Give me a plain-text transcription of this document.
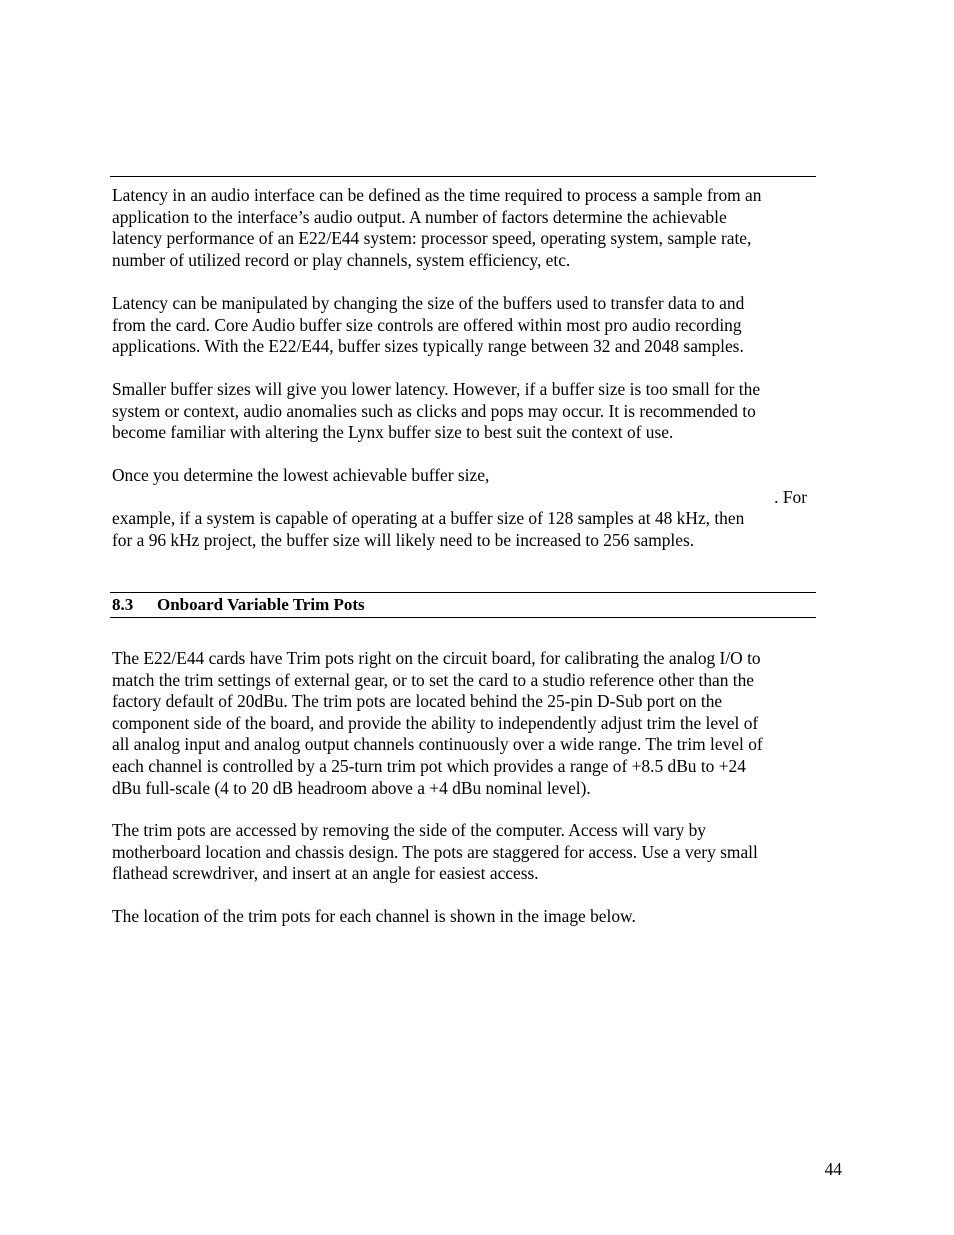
Latency in an audio interface can be defined as the time required to process a sample from an
application to the interface’s audio output. A number of factors determine the achievable
latency performance of an E22/E44 system: processor speed, operating system, sample rate,
number of utilized record or play channels, system efficiency, etc.
Latency can be manipulated by changing the size of the buffers used to transfer data to and
from the card. Core Audio buffer size controls are offered within most pro audio recording
applications. With the E22/E44, buffer sizes typically range between 32 and 2048 samples.
Smaller buffer sizes will give you lower latency. However, if a buffer size is too small for the
system or context, audio anomalies such as clicks and pops may occur. It is recommended to
become familiar with altering the Lynx buffer size to best suit the context of use.
Once you determine the lowest achievable buffer size,
. For
example, if a system is capable of operating at a buffer size of 128 samples at 48 kHz, then
for a 96 kHz project, the buffer size will likely need to be increased to 256 samples.
8.3 Onboard Variable Trim Pots
The E22/E44 cards have Trim pots right on the circuit board, for calibrating the analog I/O to
match the trim settings of external gear, or to set the card to a studio reference other than the
factory default of 20dBu. The trim pots are located behind the 25-pin D-Sub port on the
component side of the board, and provide the ability to independently adjust trim the level of
all analog input and analog output channels continuously over a wide range. The trim level of
each channel is controlled by a 25-turn trim pot which provides a range of +8.5 dBu to +24
dBu full-scale (4 to 20 dB headroom above a +4 dBu nominal level).
The trim pots are accessed by removing the side of the computer. Access will vary by
motherboard location and chassis design. The pots are staggered for access. Use a very small
flathead screwdriver, and insert at an angle for easiest access.
The location of the trim pots for each channel is shown in the image below.
44
